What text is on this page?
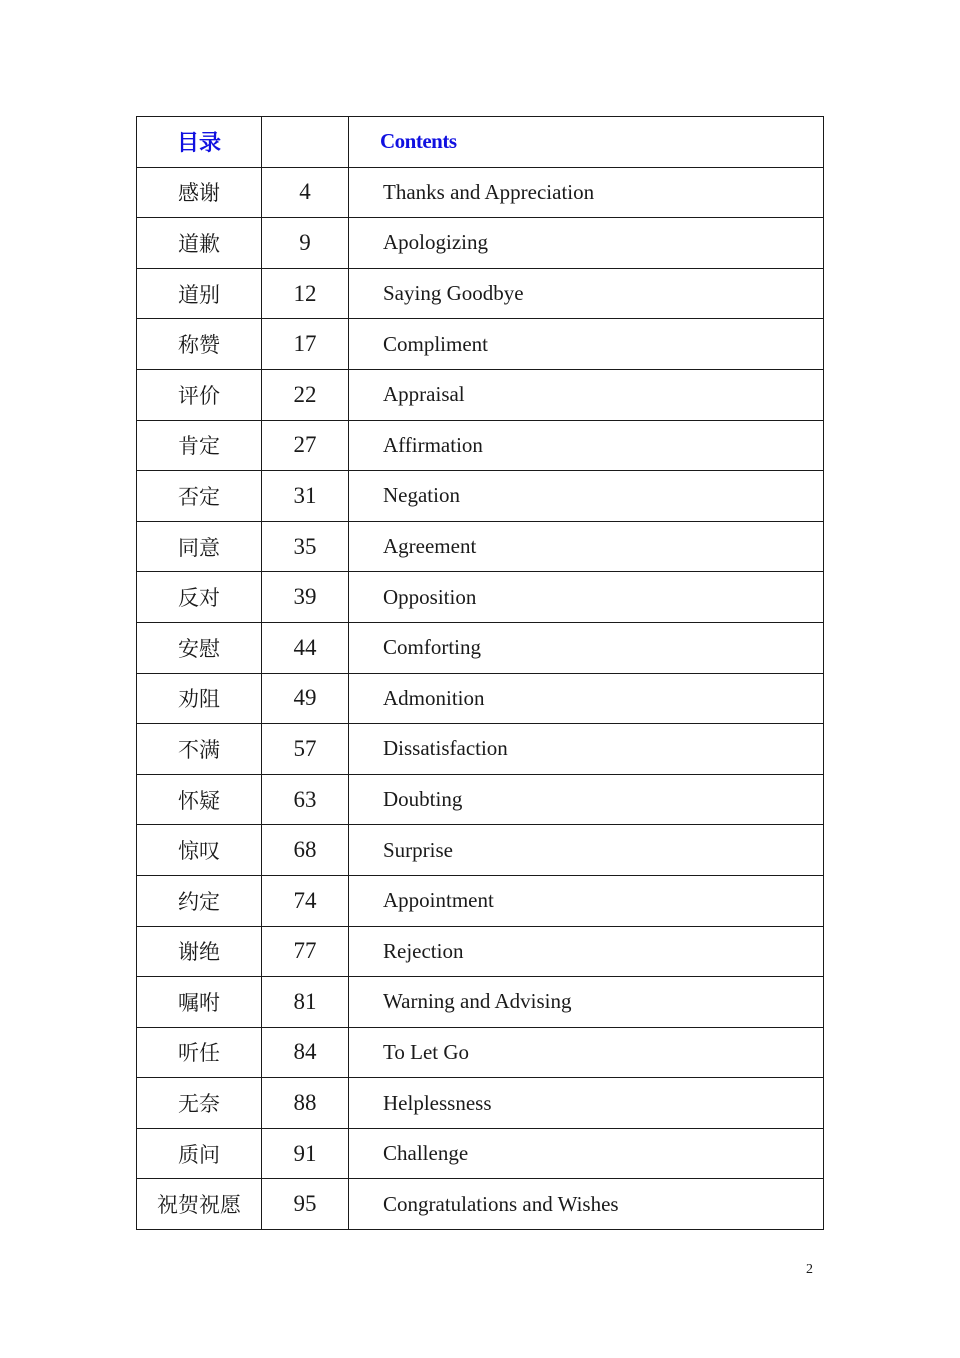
目录		Contents
感谢	4	Thanks and Appreciation
道歉	9	Apologizing
道别	12	Saying Goodbye
称赞	17	Compliment
评价	22	Appraisal
肯定	27	Affirmation
否定	31	Negation
同意	35	Agreement
反对	39	Opposition
安慰	44	Comforting
劝阻	49	Admonition
不满	57	Dissatisfaction
怀疑	63	Doubting
惊叹	68	Surprise
约定	74	Appointment
谢绝	77	Rejection
嘱咐	81	Warning and Advising
听任	84	To Let Go
无奈	88	Helplessness
质问	91	Challenge
祝贺祝愿	95	Congratulations and Wishes
2
